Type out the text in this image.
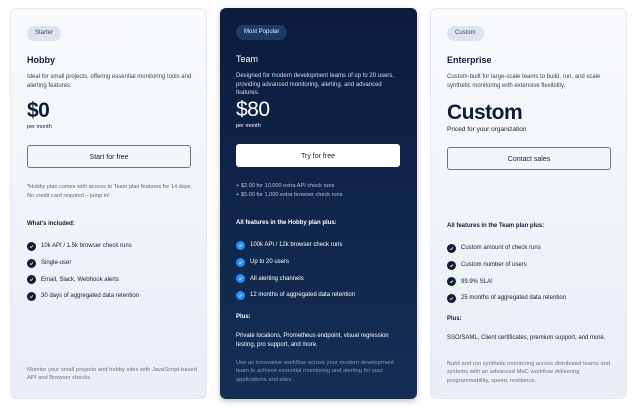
Starter
Hobby
Ideal for small projects, offering essential monitoring tools and alerting features.
$0
per month
Start for free
*Hobby plan comes with access to Team plan features for 14 days. No credit card required – jump in!
What's included:
10k API / 1.5k browser check runs
Single-user
Email, Slack, Webhook alerts
30 days of aggregated data retention
Monitor your small projects and hobby sites with JavaScript-based API and Browser checks.
Most Popular
Team
Designed for modern development teams of up to 20 users, providing advanced monitoring, alerting, and advanced features.
$80
per month
Try for free
+ $2.00 for 10,000 extra API check runs
+ $5.00 for 1,000 extra browser check runs
All features in the Hobby plan plus:
100k API / 12k browser check runs
Up to 20 users
All alerting channels
12 months of aggregated data retention
Plus:
Private locations, Prometheus endpoint, visual regression testing, pro support, and more.
Use an innovative workflow across your modern development team to achieve essential monitoring and alerting for your applications and sites.
Custom
Enterprise
Custom-built for large-scale teams to build, run, and scale synthetic monitoring with extensive flexibility.
Custom
Priced for your organization
Contact sales
All features in the Team plan plus:
Custom amount of check runs
Custom number of users
99.9% SLA!
25 months of aggregated data retention
Plus:
SSO/SAML, Client certificates, premium support, and more.
Build and run synthetic monitoring across distributed teams and systems with an advanced MaC workflow delivering programmability, speed, resilience.
